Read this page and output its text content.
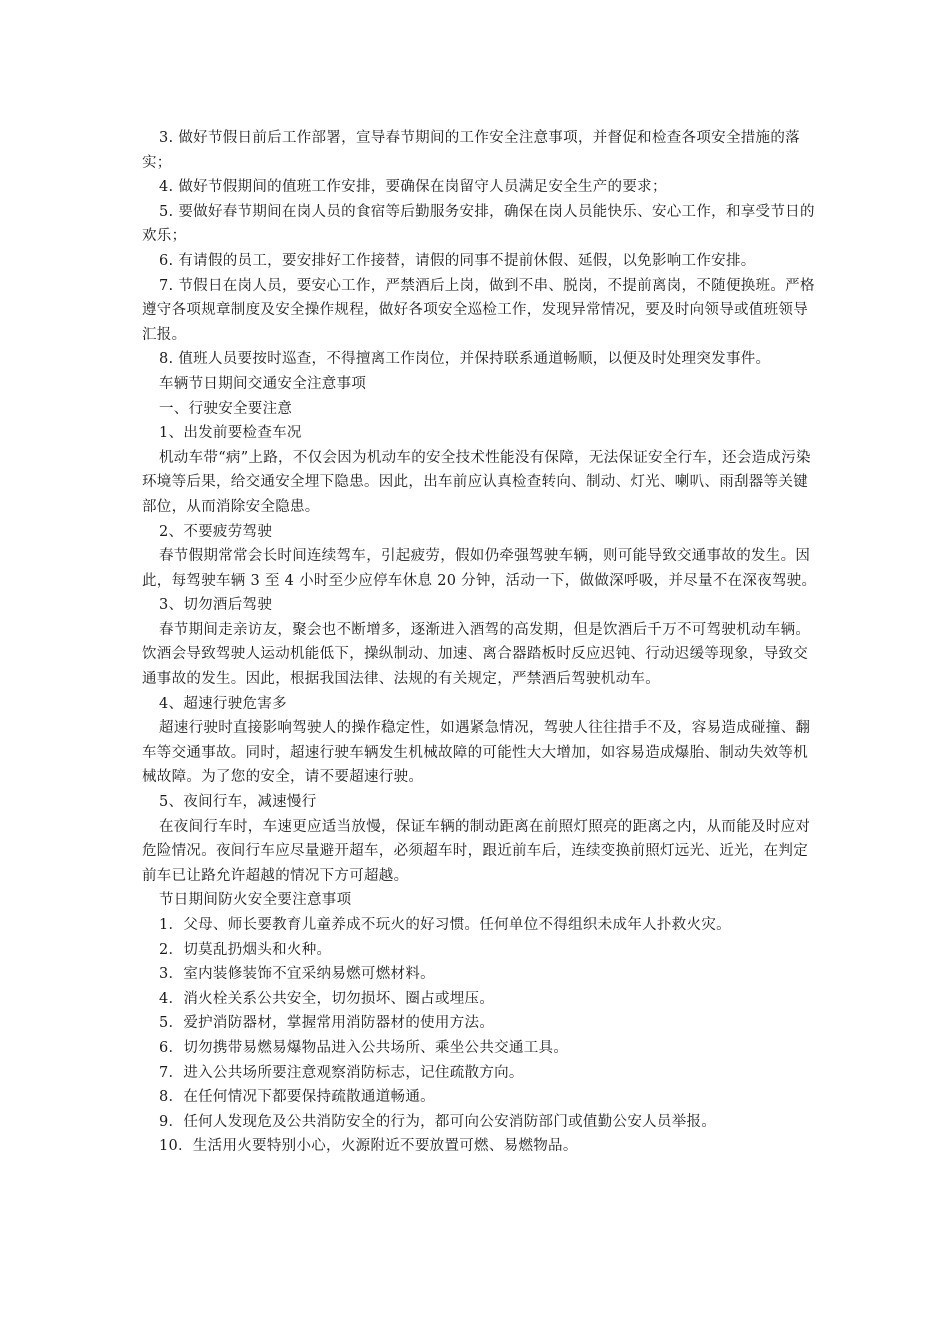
3. 做好节假日前后工作部署，宣导春节期间的工作安全注意事项，并督促和检查各项安全措施的落实；

4. 做好节假期间的值班工作安排，要确保在岗留守人员满足安全生产的要求；

5. 要做好春节期间在岗人员的食宿等后勤服务安排，确保在岗人员能快乐、安心工作，和享受节日的欢乐；

6. 有请假的员工，要安排好工作接替，请假的同事不提前休假、延假，以免影响工作安排。

7. 节假日在岗人员，要安心工作，严禁酒后上岗，做到不串、脱岗，不提前离岗，不随便换班。严格遵守各项规章制度及安全操作规程，做好各项安全巡检工作，发现异常情况，要及时向领导或值班领导汇报。

8. 值班人员要按时巡查，不得擅离工作岗位，并保持联系通道畅顺，以便及时处理突发事件。

车辆节日期间交通安全注意事项

一、行驶安全要注意

1、出发前要检查车况

机动车带“病”上路，不仅会因为机动车的安全技术性能没有保障，无法保证安全行车，还会造成污染环境等后果，给交通安全埋下隐患。因此，出车前应认真检查转向、制动、灯光、喇叭、雨刮器等关键部位，从而消除安全隐患。

2、不要疲劳驾驶

春节假期常常会长时间连续驾车，引起疲劳，假如仍牵强驾驶车辆，则可能导致交通事故的发生。因此，每驾驶车辆 3 至 4 小时至少应停车休息 20 分钟，活动一下，做做深呼吸，并尽量不在深夜驾驶。

3、切勿酒后驾驶

春节期间走亲访友，聚会也不断增多，逐渐进入酒驾的高发期，但是饮酒后千万不可驾驶机动车辆。饮酒会导致驾驶人运动机能低下，操纵制动、加速、离合器踏板时反应迟钝、行动迟缓等现象，导致交通事故的发生。因此，根据我国法律、法规的有关规定，严禁酒后驾驶机动车。

4、超速行驶危害多

超速行驶时直接影响驾驶人的操作稳定性，如遇紧急情况，驾驶人往往措手不及，容易造成碰撞、翻车等交通事故。同时，超速行驶车辆发生机械故障的可能性大大增加，如容易造成爆胎、制动失效等机械故障。为了您的安全，请不要超速行驶。

5、夜间行车，减速慢行

在夜间行车时，车速更应适当放慢，保证车辆的制动距离在前照灯照亮的距离之内，从而能及时应对危险情况。夜间行车应尽量避开超车，必须超车时，跟近前车后，连续变换前照灯远光、近光，在判定前车已让路允许超越的情况下方可超越。

节日期间防火安全要注意事项

1．父母、师长要教育儿童养成不玩火的好习惯。任何单位不得组织未成年人扑救火灾。

2．切莫乱扔烟头和火种。

3．室内装修装饰不宜采纳易燃可燃材料。

4．消火栓关系公共安全，切勿损坏、圈占或埋压。

5．爱护消防器材，掌握常用消防器材的使用方法。

6．切勿携带易燃易爆物品进入公共场所、乘坐公共交通工具。

7．进入公共场所要注意观察消防标志，记住疏散方向。

8．在任何情况下都要保持疏散通道畅通。

9．任何人发现危及公共消防安全的行为，都可向公安消防部门或值勤公安人员举报。

10．生活用火要特别小心，火源附近不要放置可燃、易燃物品。
